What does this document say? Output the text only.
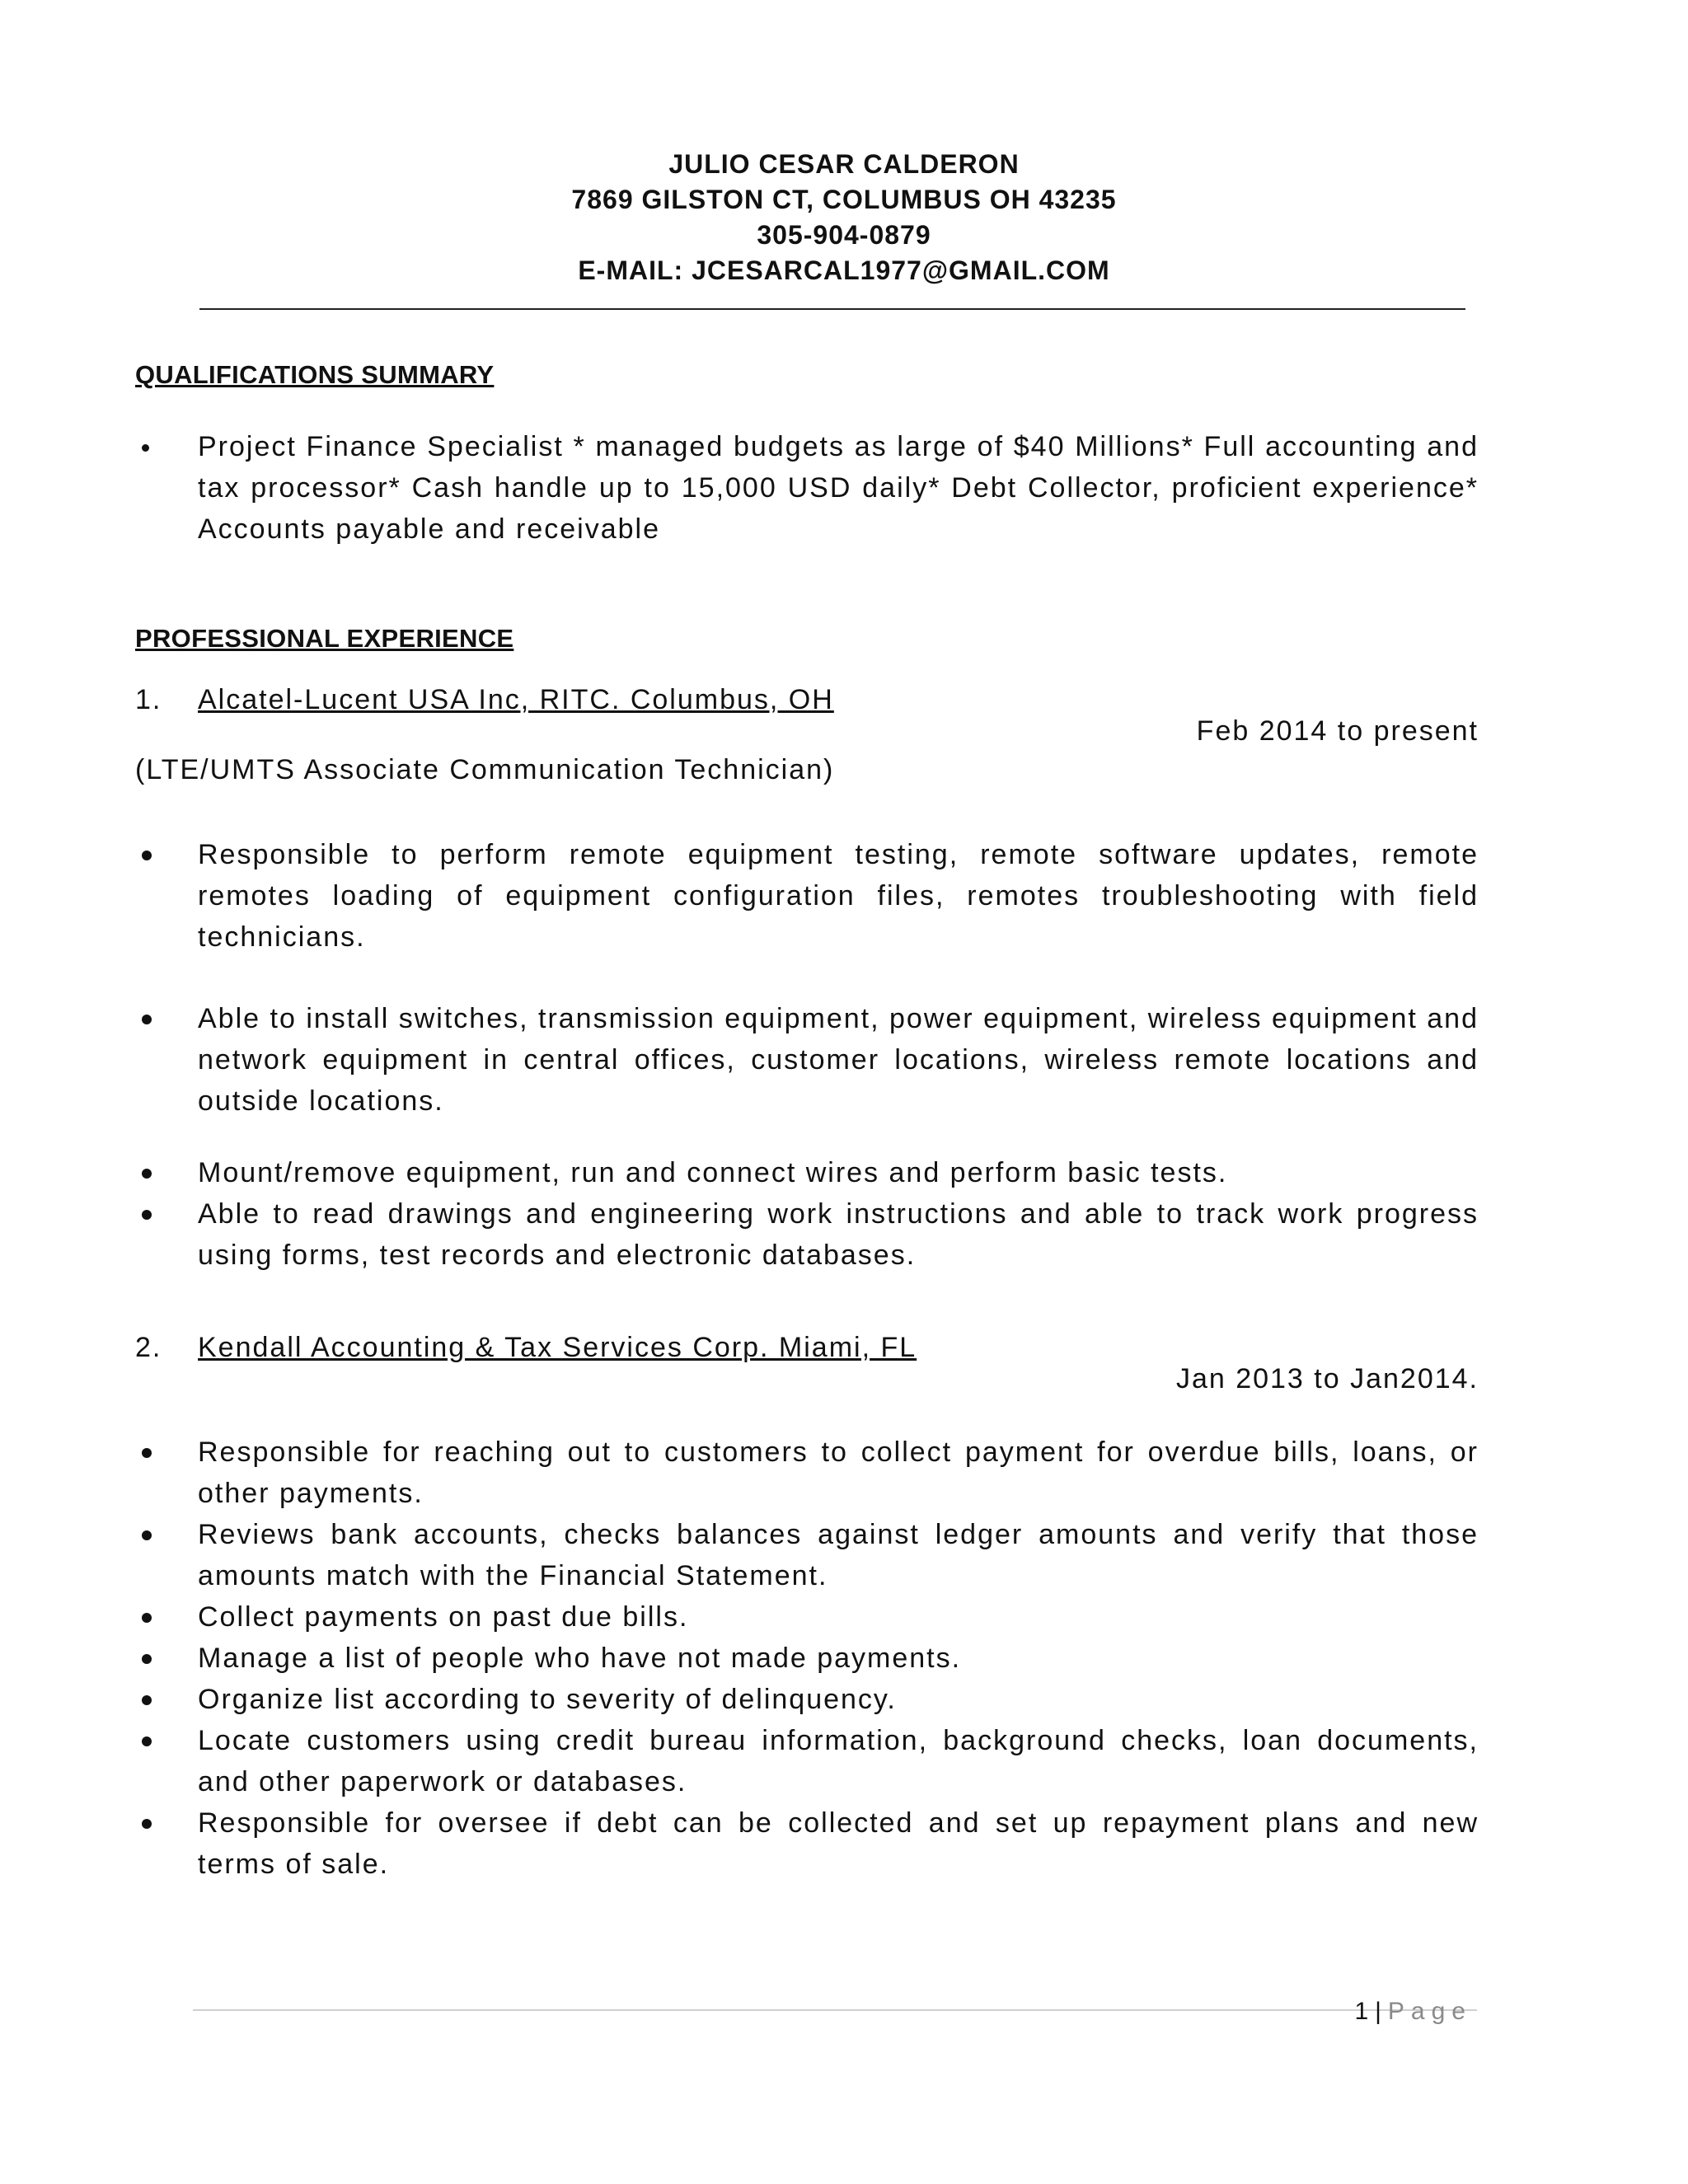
JULIO CESAR CALDERON
7869 GILSTON CT, COLUMBUS OH 43235
305-904-0879
E-MAIL: JCESARCAL1977@GMAIL.COM
QUALIFICATIONS SUMMARY
Project Finance Specialist * managed budgets as large of $40 Millions* Full accounting and tax processor* Cash handle up to 15,000 USD daily* Debt Collector, proficient experience* Accounts payable and receivable
PROFESSIONAL EXPERIENCE
1. Alcatel-Lucent USA Inc, RITC. Columbus, OH
Feb 2014 to present
(LTE/UMTS Associate Communication Technician)
Responsible to perform remote equipment testing, remote software updates, remote remotes loading of equipment configuration files, remotes troubleshooting with field technicians.
Able to install switches, transmission equipment, power equipment, wireless equipment and network equipment in central offices, customer locations, wireless remote locations and outside locations.
Mount/remove equipment, run and connect wires and perform basic tests.
Able to read drawings and engineering work instructions and able to track work progress using forms, test records and electronic databases.
2. Kendall Accounting & Tax Services Corp. Miami, FL
Jan 2013 to Jan2014.
Responsible for reaching out to customers to collect payment for overdue bills, loans, or other payments.
Reviews bank accounts, checks balances against ledger amounts and verify that those amounts match with the Financial Statement.
Collect payments on past due bills.
Manage a list of people who have not made payments.
Organize list according to severity of delinquency.
Locate customers using credit bureau information, background checks, loan documents, and other paperwork or databases.
Responsible for oversee if debt can be collected and set up repayment plans and new terms of sale.
1 | Page
